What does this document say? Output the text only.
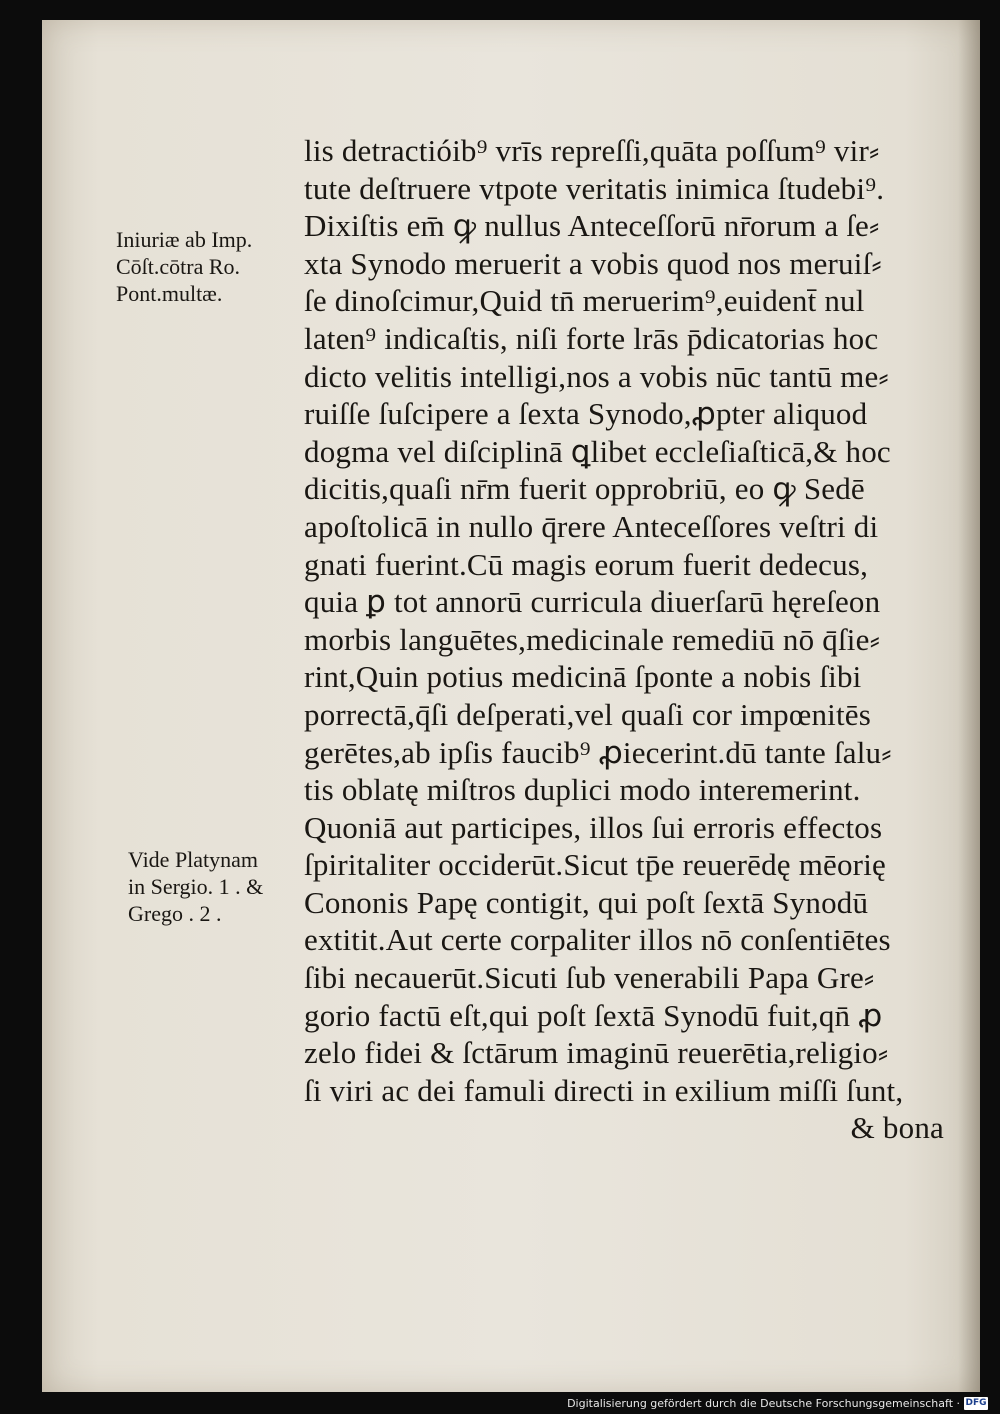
Iniuriæ ab Imp.
Cōſt.cōtra Ro.
Pont.multæ.
Vide Platynam
in Sergio. 1 . &
Grego . 2 .
lis detractióib⁹ vrīs repreſſi,quāta poſſum⁹ vir⸗
tute deſtruere vtpote veritatis inimica ſtudebi⁹.
Dixiſtis em̄ ꝙ nullus Anteceſſorū nr̄orum a ſe⸗
xta Synodo meruerit a vobis quod nos meruiſ⸗
ſe dinoſcimur,Quid tn̄ meruerim⁹,euident̄ nul
laten⁹ indicaſtis, niſi forte lrās p̄dicatorias hoc
dicto velitis intelligi,nos a vobis nūc tantū me⸗
ruiſſe ſuſcipere a ſexta Synodo,ꝓpter aliquod
dogma vel diſciplinā ꝗlibet eccleſiaſticā,& hoc
dicitis,quaſi nr̄m fuerit opprobriū, eo ꝙ Sedē
apoſtolicā in nullo q̄rere Anteceſſores veſtri di
gnati fuerint.Cū magis eorum fuerit dedecus,
quia ꝑ tot annorū curricula diuerſarū hęreſeon
morbis languētes,medicinale remediū nō q̄ſie⸗
rint,Quin potius medicinā ſponte a nobis ſibi
porrectā,q̄ſi deſperati,vel quaſi cor impœnitēs
gerētes,ab ipſis faucib⁹ ꝓiecerint.dū tante ſalu⸗
tis oblatę miſtros duplici modo interemerint.
Quoniā aut participes, illos ſui erroris effectos
ſpiritaliter occiderūt.Sicut tp̄e reuerēdę mēorię
Cononis Papę contigit, qui poſt ſextā Synodū
extitit.Aut certe corpaliter illos nō conſentiētes
ſibi necauerūt.Sicuti ſub venerabili Papa Gre⸗
gorio factū eſt,qui poſt ſextā Synodū fuit,qn̄ ꝓ
zelo fidei & ſctārum imaginū reuerētia,religio⸗
ſi viri ac dei famuli directi in exilium miſſi ſunt,
& bona
Digitalisierung gefördert durch die Deutsche Forschungsgemeinschaft · DFG
